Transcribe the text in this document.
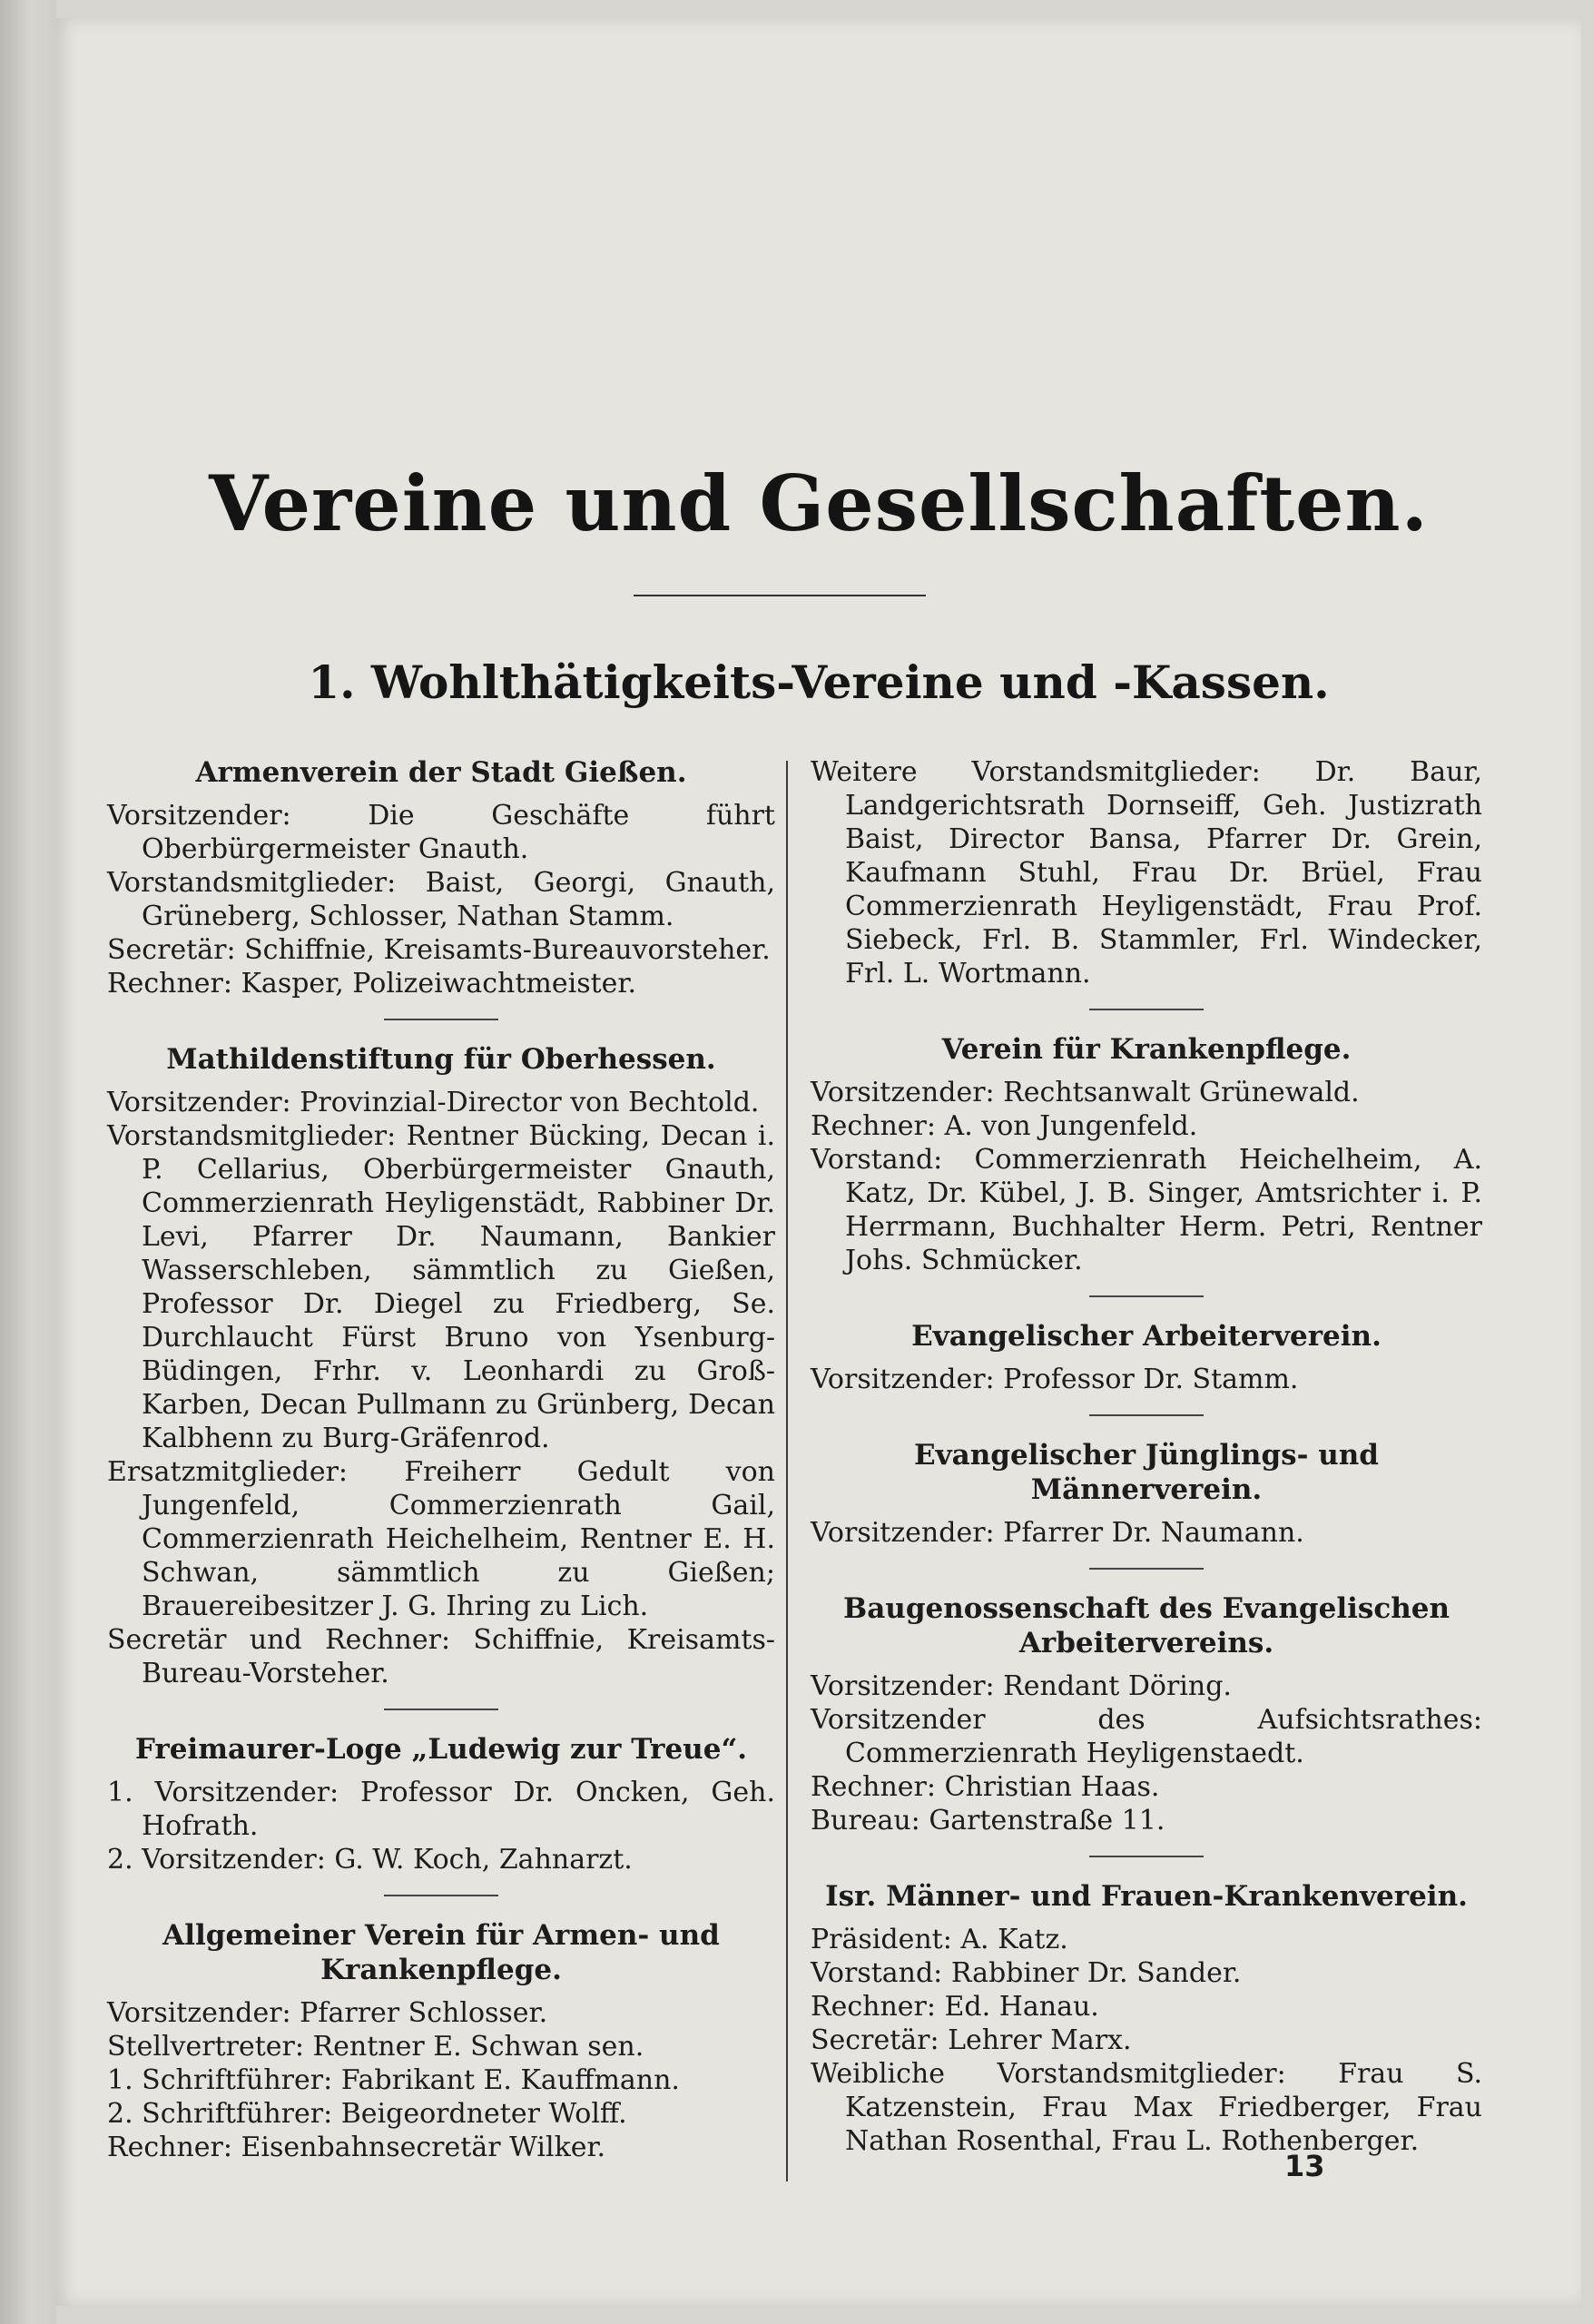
Vereine und Gesellschaften.
1. Wohlthätigkeits-Vereine und -Kassen.
Armenverein der Stadt Gießen.

Vorsitzender: Die Geschäfte führt Oberbürgermeister Gnauth.

Vorstandsmitglieder: Baist, Georgi, Gnauth, Grüneberg, Schlosser, Nathan Stamm.

Secretär: Schiffnie, Kreisamts-Bureauvorsteher.

Rechner: Kasper, Polizeiwachtmeister.

Mathildenstiftung für Oberhessen.

Vorsitzender: Provinzial-Director von Bechtold.

Vorstandsmitglieder: Rentner Bücking, Decan i. P. Cellarius, Oberbürgermeister Gnauth, Commerzienrath Heyligenstädt, Rabbiner Dr. Levi, Pfarrer Dr. Naumann, Bankier Wasserschleben, sämmtlich zu Gießen, Professor Dr. Diegel zu Friedberg, Se. Durchlaucht Fürst Bruno von Ysenburg-Büdingen, Frhr. v. Leonhardi zu Groß-Karben, Decan Pullmann zu Grünberg, Decan Kalbhenn zu Burg-Gräfenrod.

Ersatzmitglieder: Freiherr Gedult von Jungenfeld, Commerzienrath Gail, Commerzienrath Heichelheim, Rentner E. H. Schwan, sämmtlich zu Gießen; Brauereibesitzer J. G. Ihring zu Lich.

Secretär und Rechner: Schiffnie, Kreisamts-Bureau-Vorsteher.

Freimaurer-Loge „Ludewig zur Treue“.

1. Vorsitzender: Professor Dr. Oncken, Geh. Hofrath.

2. Vorsitzender: G. W. Koch, Zahnarzt.

Allgemeiner Verein für Armen- und Krankenpflege.

Vorsitzender: Pfarrer Schlosser.

Stellvertreter: Rentner E. Schwan sen.

1. Schriftführer: Fabrikant E. Kauffmann.

2. Schriftführer: Beigeordneter Wolff.

Rechner: Eisenbahnsecretär Wilker.

Weitere Vorstandsmitglieder: Dr. Baur, Landgerichtsrath Dornseiff, Geh. Justizrath Baist, Director Bansa, Pfarrer Dr. Grein, Kaufmann Stuhl, Frau Dr. Brüel, Frau Commerzienrath Heyligenstädt, Frau Prof. Siebeck, Frl. B. Stammler, Frl. Windecker, Frl. L. Wortmann.

Verein für Krankenpflege.

Vorsitzender: Rechtsanwalt Grünewald.

Rechner: A. von Jungenfeld.

Vorstand: Commerzienrath Heichelheim, A. Katz, Dr. Kübel, J. B. Singer, Amtsrichter i. P. Herrmann, Buchhalter Herm. Petri, Rentner Johs. Schmücker.

Evangelischer Arbeiterverein.

Vorsitzender: Professor Dr. Stamm.

Evangelischer Jünglings- und Männerverein.

Vorsitzender: Pfarrer Dr. Naumann.

Baugenossenschaft des Evangelischen Arbeitervereins.

Vorsitzender: Rendant Döring.

Vorsitzender des Aufsichtsrathes: Commerzienrath Heyligenstaedt.

Rechner: Christian Haas.

Bureau: Gartenstraße 11.

Isr. Männer- und Frauen-Krankenverein.

Präsident: A. Katz.

Vorstand: Rabbiner Dr. Sander.

Rechner: Ed. Hanau.

Secretär: Lehrer Marx.

Weibliche Vorstandsmitglieder: Frau S. Katzenstein, Frau Max Friedberger, Frau Nathan Rosenthal, Frau L. Rothenberger.

13
